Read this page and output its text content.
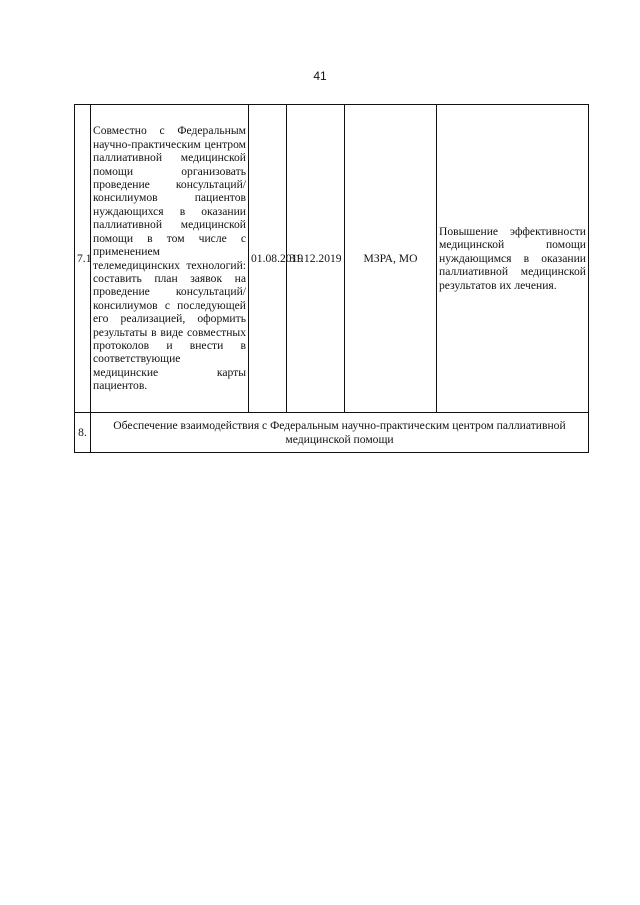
41
7.1	Совместно с Федеральным научно-практическим центром паллиативной медицинской помощи организовать проведение консультаций/консилиумов пациентов нуждающихся в оказании паллиативной медицинской помощи в том числе с применением телемедицинских технологий: составить план заявок на проведение консультаций/консилиумов с последующей его реализацией, оформить результаты в виде совместных протоколов и внести в соответствующие медицинские карты пациентов.	01.08.2019	31.12.2019	МЗРА, МО	Повышение эффективности медицинской помощи нуждающимся в оказании паллиативной медицинской результатов их лечения.
8.	Обеспечение взаимодействия с Федеральным научно-практическим центром паллиативной медицинской помощи				
